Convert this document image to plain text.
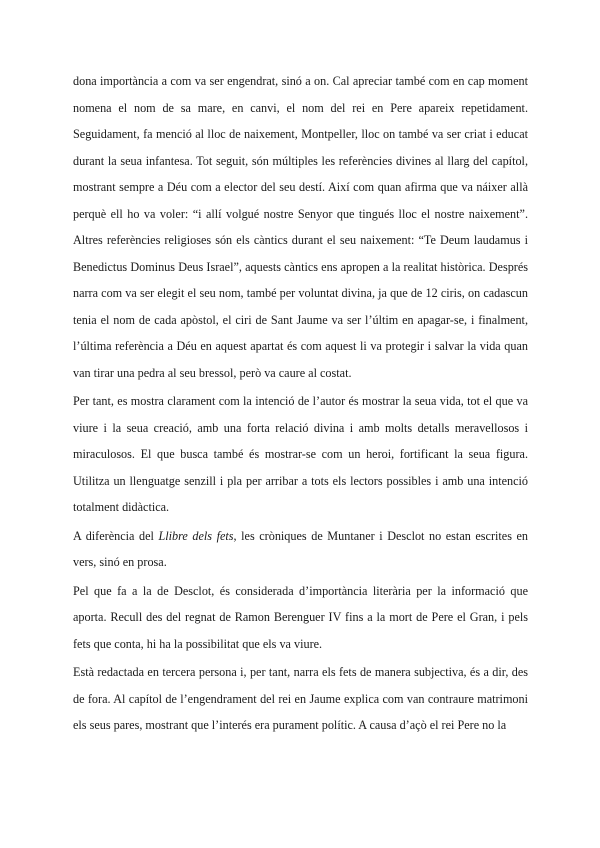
dona importància a com va ser engendrat, sinó a on. Cal apreciar també com en cap moment nomena el nom de sa mare, en canvi, el nom del rei en Pere apareix repetidament. Seguidament, fa menció al lloc de naixement, Montpeller, lloc on també va ser criat i educat durant la seua infantesa. Tot seguit, són múltiples les referències divines al llarg del capítol, mostrant sempre a Déu com a elector del seu destí. Així com quan afirma que va náixer allà perquè ell ho va voler: “i allí volgué nostre Senyor que tingués lloc el nostre naixement”. Altres referències religioses són els càntics durant el seu naixement: “Te Deum laudamus i Benedictus Dominus Deus Israel”, aquests càntics ens apropen a la realitat històrica. Després narra com va ser elegit el seu nom, també per voluntat divina, ja que de 12 ciris, on cadascun tenia el nom de cada apòstol, el ciri de Sant Jaume va ser l’últim en apagar-se, i finalment, l’última referència a Déu en aquest apartat és com aquest li va protegir i salvar la vida quan van tirar una pedra al seu bressol, però va caure al costat.

Per tant, es mostra clarament com la intenció de l’autor és mostrar la seua vida, tot el que va viure i la seua creació, amb una forta relació divina i amb molts detalls meravellosos i miraculosos. El que busca també és mostrar-se com un heroi, fortificant la seua figura. Utilitza un llenguatge senzill i pla per arribar a tots els lectors possibles i amb una intenció totalment didàctica.

A diferència del Llibre dels fets, les cròniques de Muntaner i Desclot no estan escrites en vers, sinó en prosa.

Pel que fa a la de Desclot, és considerada d’importància literària per la informació que aporta. Recull des del regnat de Ramon Berenguer IV fins a la mort de Pere el Gran, i pels fets que conta, hi ha la possibilitat que els va viure.

Està redactada en tercera persona i, per tant, narra els fets de manera subjectiva, és a dir, des de fora. Al capítol de l’engendrament del rei en Jaume explica com van contraure matrimoni els seus pares, mostrant que l’interés era purament polític. A causa d’açò el rei Pere no la
